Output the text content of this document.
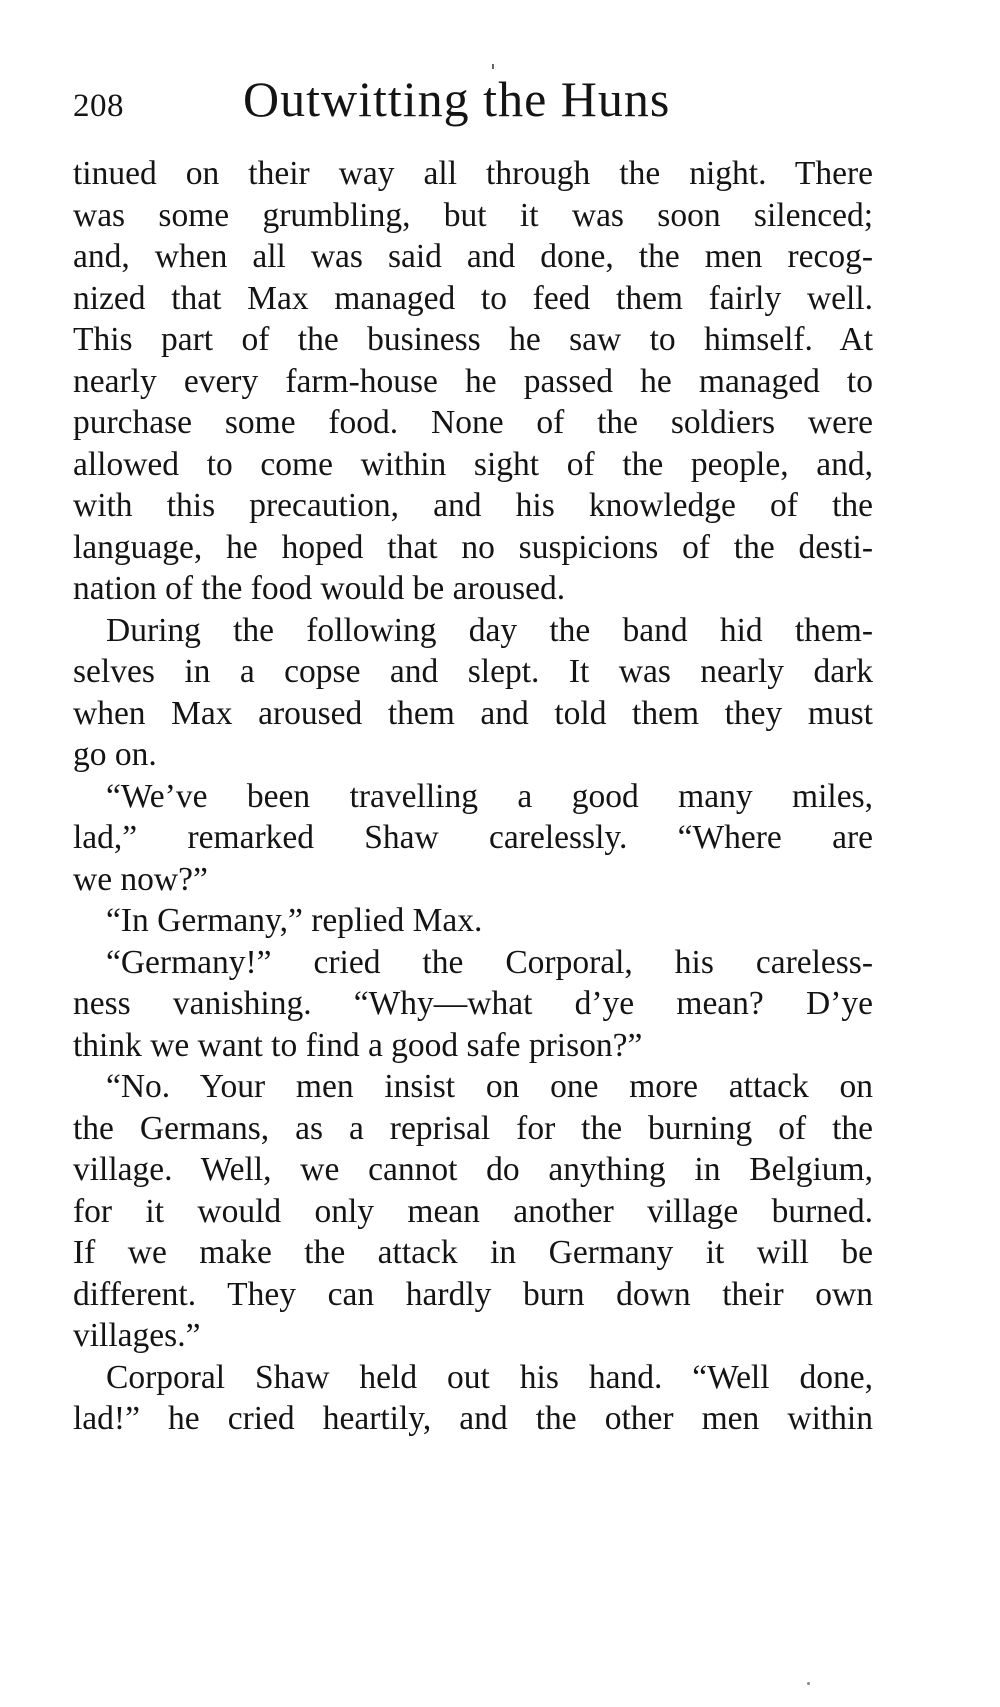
208 Outwitting the Huns
tinued on their way all through the night. There
was some grumbling, but it was soon silenced;
and, when all was said and done, the men recog-
nized that Max managed to feed them fairly well.
This part of the business he saw to himself. At
nearly every farm-house he passed he managed to
purchase some food. None of the soldiers were
allowed to come within sight of the people, and,
with this precaution, and his knowledge of the
language, he hoped that no suspicions of the desti-
nation of the food would be aroused.
During the following day the band hid them-
selves in a copse and slept. It was nearly dark
when Max aroused them and told them they must
go on.
“We’ve been travelling a good many miles,
lad,” remarked Shaw carelessly. “Where are
we now?”
“In Germany,” replied Max.
“Germany!” cried the Corporal, his careless-
ness vanishing. “Why—what d’ye mean? D’ye
think we want to find a good safe prison?”
“No. Your men insist on one more attack on
the Germans, as a reprisal for the burning of the
village. Well, we cannot do anything in Belgium,
for it would only mean another village burned.
If we make the attack in Germany it will be
different. They can hardly burn down their own
villages.”
Corporal Shaw held out his hand. “Well done,
lad!” he cried heartily, and the other men within
